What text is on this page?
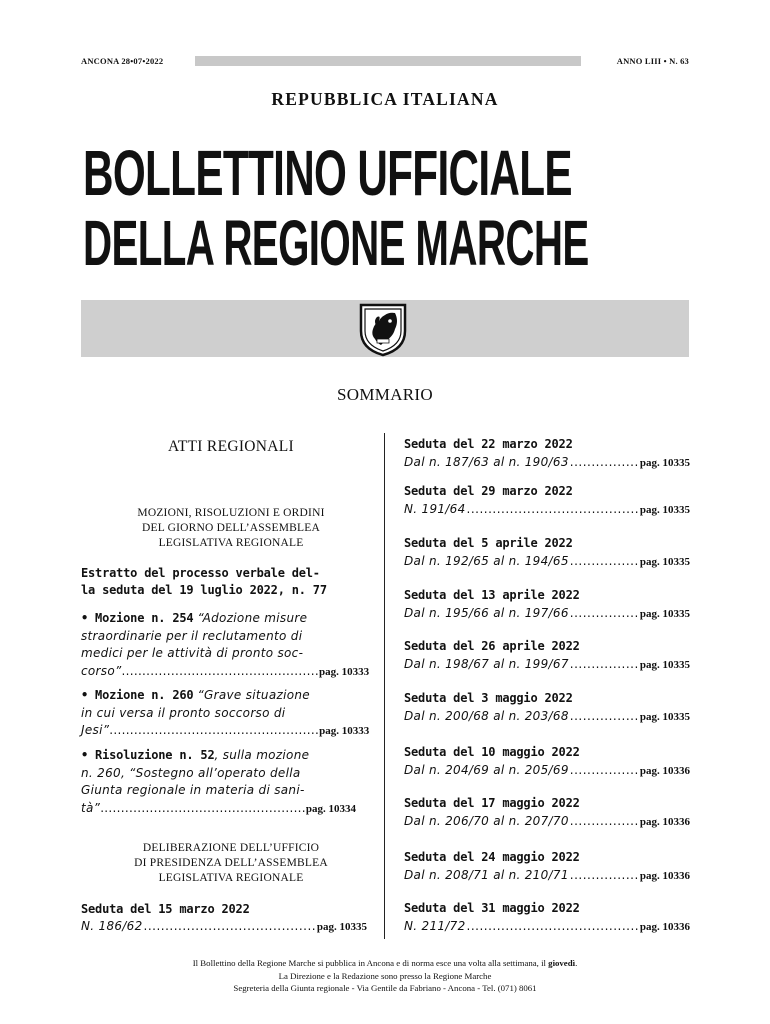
ANCONA 28•07•2022	ANNO LIII • N. 63
REPUBBLICA ITALIANA
BOLLETTINO UFFICIALE
DELLA REGIONE MARCHE
SOMMARIO
ATTI REGIONALI
MOZIONI, RISOLUZIONI E ORDINI
DEL GIORNO DELL’ASSEMBLEA
LEGISLATIVA REGIONALE
Estratto del processo verbale del-
la seduta del 19 luglio 2022, n. 77
• Mozione n. 254 “Adozione misure
straordinarie per il reclutamento di
medici per le attività di pronto soc-
corso”................................................pag. 10333
• Mozione n. 260 “Grave situazione
in cui versa il pronto soccorso di
Jesi”...................................................pag. 10333
• Risoluzione n. 52, sulla mozione
n. 260, “Sostegno all’operato della
Giunta regionale in materia di sani-
tà”..................................................pag. 10334
DELIBERAZIONE DELL’UFFICIO
DI PRESIDENZA DELL’ASSEMBLEA
LEGISLATIVA REGIONALE
Seduta del 15 marzo 2022
N. 186/62 .....	pag. 10335
Seduta del 22 marzo 2022
Dal n. 187/63 al n. 190/63 .....	pag. 10335
Seduta del 29 marzo 2022
N. 191/64 .....	pag. 10335
Seduta del 5 aprile 2022
Dal n. 192/65 al n. 194/65 .....	pag. 10335
Seduta del 13 aprile 2022
Dal n. 195/66 al n. 197/66 .....	pag. 10335
Seduta del 26 aprile 2022
Dal n. 198/67 al n. 199/67 .....	pag. 10335
Seduta del 3 maggio 2022
Dal n. 200/68 al n. 203/68 .....	pag. 10335
Seduta del 10 maggio 2022
Dal n. 204/69 al n. 205/69 .....	pag. 10336
Seduta del 17 maggio 2022
Dal n. 206/70 al n. 207/70 .....	pag. 10336
Seduta del 24 maggio 2022
Dal n. 208/71 al n. 210/71 .....	pag. 10336
Seduta del 31 maggio 2022
N. 211/72 .....	pag. 10336
Il Bollettino della Regione Marche si pubblica in Ancona e di norma esce una volta alla settimana, il giovedì.
La Direzione e la Redazione sono presso la Regione Marche
Segreteria della Giunta regionale - Via Gentile da Fabriano - Ancona - Tel. (071) 8061
